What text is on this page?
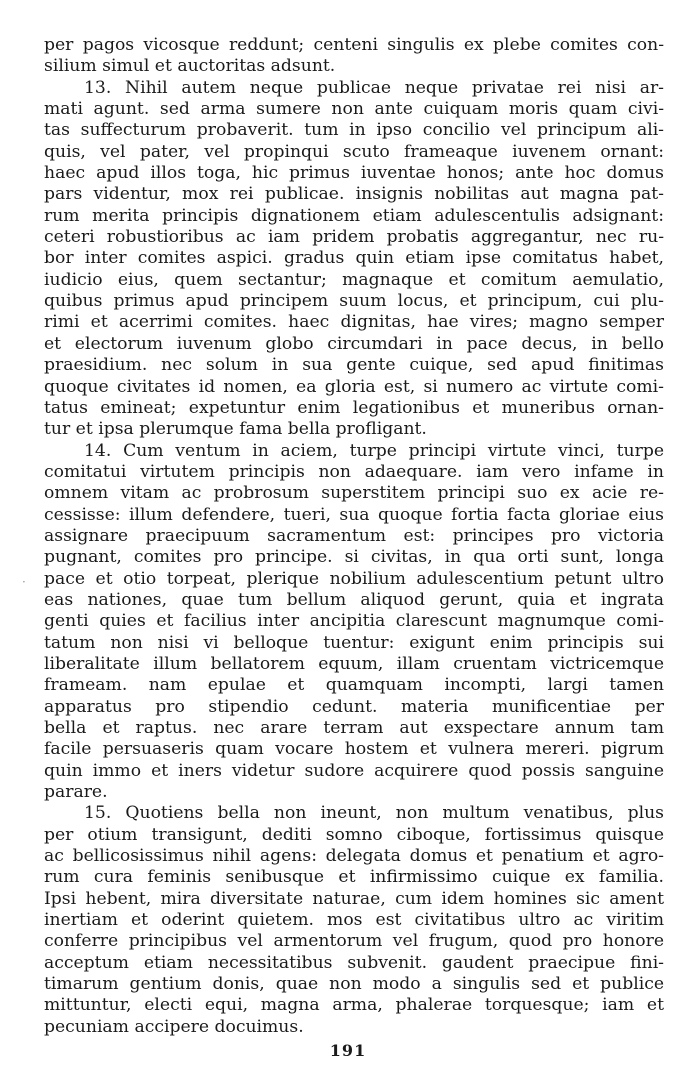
per pagos vicosque reddunt; centeni singulis ex plebe comites con-
silium simul et auctoritas adsunt.
13. Nihil autem neque publicae neque privatae rei nisi ar-
mati agunt. sed arma sumere non ante cuiquam moris quam civi-
tas suffecturum probaverit. tum in ipso concilio vel principum ali-
quis, vel pater, vel propinqui scuto frameaque iuvenem ornant:
haec apud illos toga, hic primus iuventae honos; ante hoc domus
pars videntur, mox rei publicae. insignis nobilitas aut magna pat-
rum merita principis dignationem etiam adulescentulis adsignant:
ceteri robustioribus ac iam pridem probatis aggregantur, nec ru-
bor inter comites aspici. gradus quin etiam ipse comitatus habet,
iudicio eius, quem sectantur; magnaque et comitum aemulatio,
quibus primus apud principem suum locus, et principum, cui plu-
rimi et acerrimi comites. haec dignitas, hae vires; magno semper
et electorum iuvenum globo circumdari in pace decus, in bello
praesidium. nec solum in sua gente cuique, sed apud finitimas
quoque civitates id nomen, ea gloria est, si numero ac virtute comi-
tatus emineat; expetuntur enim legationibus et muneribus ornan-
tur et ipsa plerumque fama bella profligant.
14. Cum ventum in aciem, turpe principi virtute vinci, turpe
comitatui virtutem principis non adaequare. iam vero infame in
omnem vitam ac probrosum superstitem principi suo ex acie re-
cessisse: illum defendere, tueri, sua quoque fortia facta gloriae eius
assignare praecipuum sacramentum est: principes pro victoria
pugnant, comites pro principe. si civitas, in qua orti sunt, longa
pace et otio torpeat, plerique nobilium adulescentium petunt ultro
eas nationes, quae tum bellum aliquod gerunt, quia et ingrata
genti quies et facilius inter ancipitia clarescunt magnumque comi-
tatum non nisi vi belloque tuentur: exigunt enim principis sui
liberalitate illum bellatorem equum, illam cruentam victricemque
frameam. nam epulae et quamquam incompti, largi tamen
apparatus pro stipendio cedunt. materia munificentiae per
bella et raptus. nec arare terram aut exspectare annum tam
facile persuaseris quam vocare hostem et vulnera mereri. pigrum
quin immo et iners videtur sudore acquirere quod possis sanguine
parare.
15. Quotiens bella non ineunt, non multum venatibus, plus
per otium transigunt, dediti somno ciboque, fortissimus quisque
ac bellicosissimus nihil agens: delegata domus et penatium et agro-
rum cura feminis senibusque et infirmissimo cuique ex familia.
Ipsi hebent, mira diversitate naturae, cum idem homines sic ament
inertiam et oderint quietem. mos est civitatibus ultro ac viritim
conferre principibus vel armentorum vel frugum, quod pro honore
acceptum etiam necessitatibus subvenit. gaudent praecipue fini-
timarum gentium donis, quae non modo a singulis sed et publice
mittuntur, electi equi, magna arma, phalerae torquesque; iam et
pecuniam accipere docuimus.
191
·
